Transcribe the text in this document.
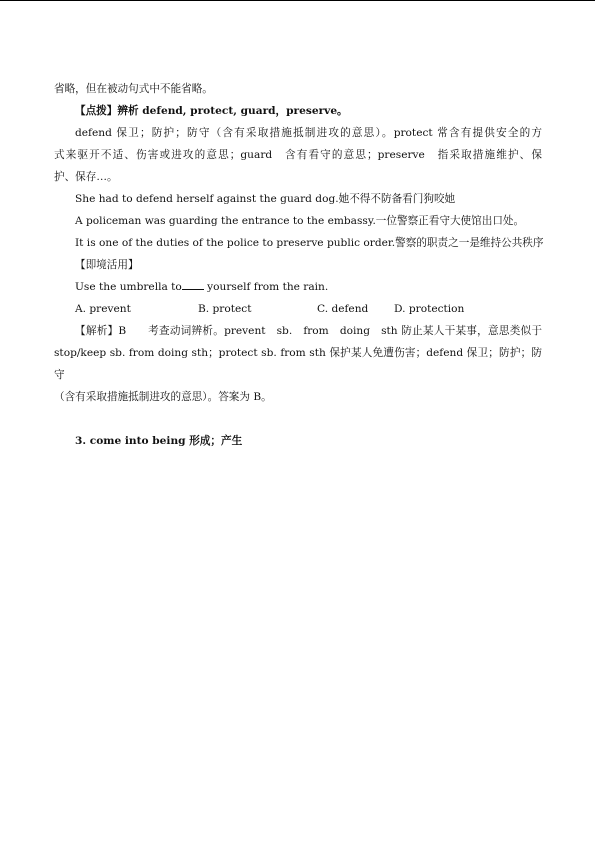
省略，但在被动句式中不能省略。

【点拨】辨析 defend, protect, guard，preserve。

defend 保卫；防护；防守（含有采取措施抵制进攻的意思）。protect 常含有提供安全的方

式来驱开不适、伤害或进攻的意思；guard　含有看守的意思；preserve　指采取措施维护、保

护、保存…。

She had to defend herself against the guard dog.她不得不防备看门狗咬她

A policeman was guarding the entrance to the embassy.一位警察正看守大使馆出口处。

It is one of the duties of the police to preserve public order.警察的职责之一是维持公共秩序

【即境活用】

Use the umbrella to yourself from the rain.

A. prevent	B. protect	C. defend	D. protection

【解析】B　　考查动词辨析。prevent　sb.　from　doing　sth 防止某人干某事，意思类似于

stop/keep sb. from doing sth；protect sb. from sth 保护某人免遭伤害；defend 保卫；防护；防守

（含有采取措施抵制进攻的意思）。答案为 B。

3. come into being 形成；产生
